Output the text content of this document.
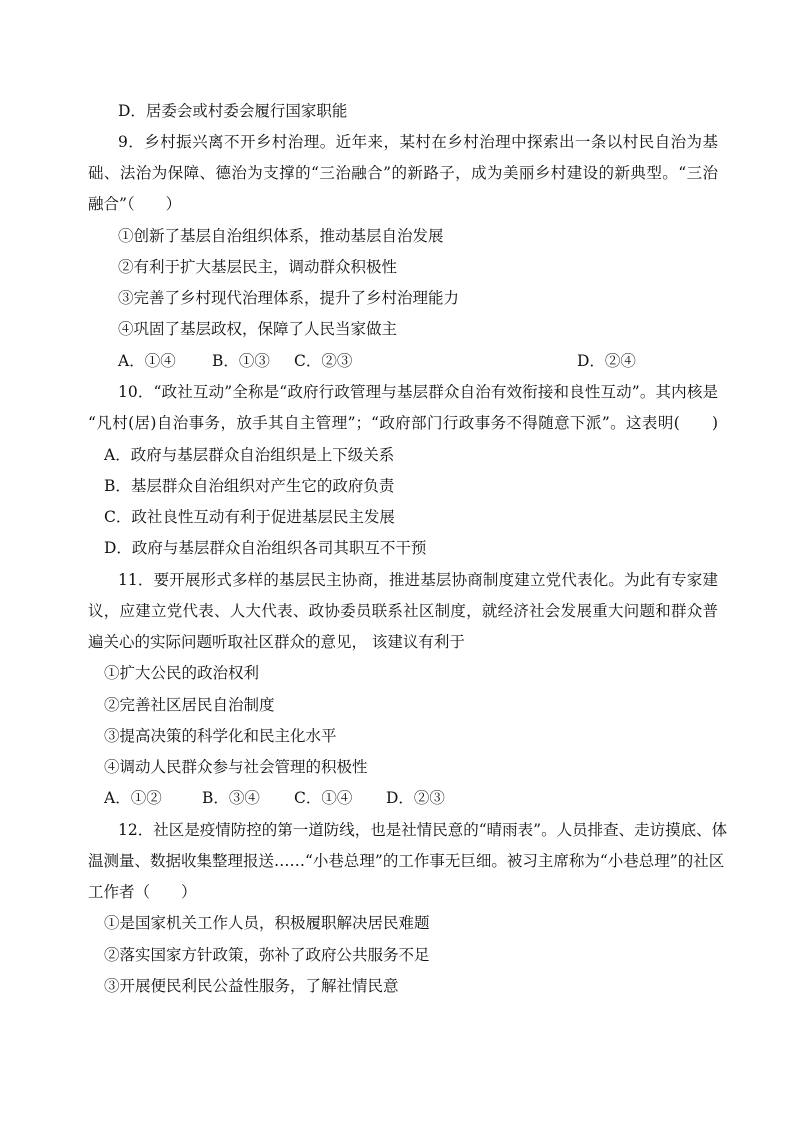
D．居委会或村委会履行国家职能
9．乡村振兴离不开乡村治理。近年来，某村在乡村治理中探索出一条以村民自治为基
础、法治为保障、德治为支撑的“三治融合”的新路子，成为美丽乡村建设的新典型。“三治
融合”（　　）
①创新了基层自治组织体系，推动基层自治发展
②有利于扩大基层民主，调动群众积极性
③完善了乡村现代治理体系，提升了乡村治理能力
④巩固了基层政权，保障了人民当家做主
A．①④ B．①③ C．②③	D．②④
10．“政社互动”全称是“政府行政管理与基层群众自治有效衔接和良性互动”。其内核是
“凡村(居)自治事务，放手其自主管理”；“政府部门行政事务不得随意下派”。这表明(　　)
A．政府与基层群众自治组织是上下级关系
B．基层群众自治组织对产生它的政府负责
C．政社良性互动有利于促进基层民主发展
D．政府与基层群众自治组织各司其职互不干预
11．要开展形式多样的基层民主协商，推进基层协商制度建立党代表化。为此有专家建
议，应建立党代表、人大代表、政协委员联系社区制度，就经济社会发展重大问题和群众普
遍关心的实际问题听取社区群众的意见， 该建议有利于
①扩大公民的政治权利
②完善社区居民自治制度
③提高决策的科学化和民主化水平
④调动人民群众参与社会管理的积极性
A．①②	B．③④ C．①④ D．②③
12．社区是疫情防控的第一道防线，也是社情民意的“晴雨表”。人员排查、走访摸底、体
温测量、数据收集整理报送……“小巷总理”的工作事无巨细。被习主席称为“小巷总理”的社区
工作者（　　）
①是国家机关工作人员，积极履职解决居民难题
②落实国家方针政策，弥补了政府公共服务不足
③开展便民利民公益性服务，了解社情民意
